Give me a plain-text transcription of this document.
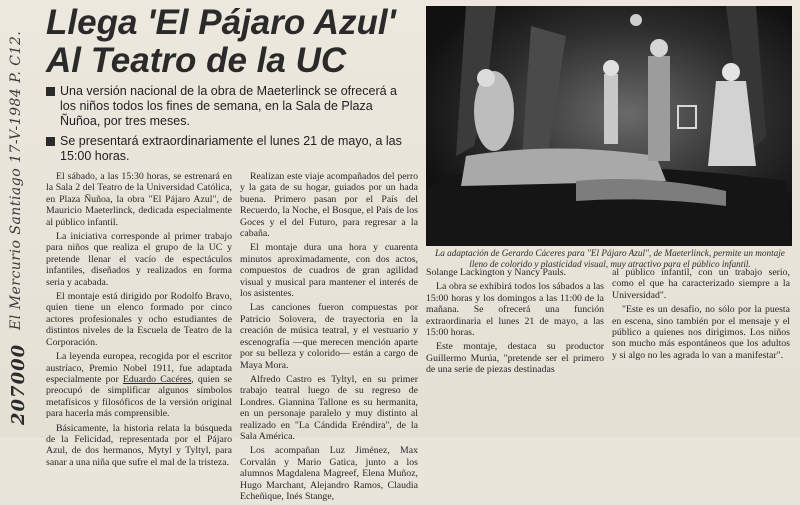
El Mercurio Santiago 17-V-1984 P. C12.
207000
Llega 'El Pájaro Azul'
Al Teatro de la UC
Una versión nacional de la obra de Maeterlinck se ofrecerá a los niños todos los fines de semana, en la Sala de Plaza Ñuñoa, por tres meses.
Se presentará extraordinariamente el lunes 21 de mayo, a las 15:00 horas.

El sábado, a las 15:30 horas, se estrenará en la Sala 2 del Teatro de la Universidad Católica, en Plaza Ñuñoa, la obra "El Pájaro Azul", de Mauricio Maeterlinck, dedicada especialmente al público infantil.

La iniciativa corresponde al primer trabajo para niños que realiza el grupo de la UC y pretende llenar el vacío de espectáculos infantiles, diseñados y realizados en forma seria y acabada.

El montaje está dirigido por Rodolfo Bravo, quien tiene un elenco formado por cinco actores profesionales y ocho estudiantes de distintos niveles de la Escuela de Teatro de la Corporación.

La leyenda europea, recogida por el escritor austríaco, Premio Nobel 1911, fue adaptada especialmente por Eduardo Cacéres, quien se preocupó de simplificar algunos símbolos metafísicos y filosóficos de la versión original para hacerla más comprensible.

Básicamente, la historia relata la búsqueda de la Felicidad, representada por el Pájaro Azul, de dos hermanos, Mytyl y Tyltyl, para sanar a una niña que sufre el mal de la tristeza.

Realizan este viaje acompañados del perro y la gata de su hogar, guiados por un hada buena. Primero pasan por el País del Recuerdo, la Noche, el Bosque, el País de los Goces y el del Futuro, para regresar a la cabaña.

El montaje dura una hora y cuarenta minutos aproximadamente, con dos actos, compuestos de cuadros de gran agilidad visual y musical para mantener el interés de los asistentes.

Las canciones fueron compuestas por Patricio Solovera, de trayectoria en la creación de música teatral, y el vestuario y escenografía —que merecen mención aparte por su belleza y colorido— están a cargo de Maya Mora.

Alfredo Castro es Tyltyl, en su primer trabajo teatral luego de su regreso de Londres. Giannina Tallone es su hermanita, en un personaje paralelo y muy distinto al realizado en "La Cándida Eréndira", de la Sala América.

Los acompañan Luz Jiménez, Max Corvalán y Mario Gatica, junto a los alumnos Magdalena Magreef, Elena Muñoz, Hugo Marchant, Alejandro Ramos, Claudia Echeñique, Inés Stange,

La adaptación de Gerardo Cáceres para "El Pájaro Azul", de Maeterlinck, permite un montaje lleno de colorido y plasticidad visual, muy atractivo para el público infantil.

Solange Lackington y Nancy Pauls.

La obra se exhibirá todos los sábados a las 15:00 horas y los domingos a las 11:00 de la mañana. Se ofrecerá una función extraordinaria el lunes 21 de mayo, a las 15:00 horas.

Este montaje, destaca su productor Guillermo Murúa, "pretende ser el primero de una serie de piezas destinadas

al público infantil, con un trabajo serio, como el que ha caracterizado siempre a la Universidad".

"Este es un desafío, no sólo por la puesta en escena, sino también por el mensaje y el público a quienes nos dirigimos. Los niños son mucho más espontáneos que los adultos y si algo no les agrada lo van a manifestar".
